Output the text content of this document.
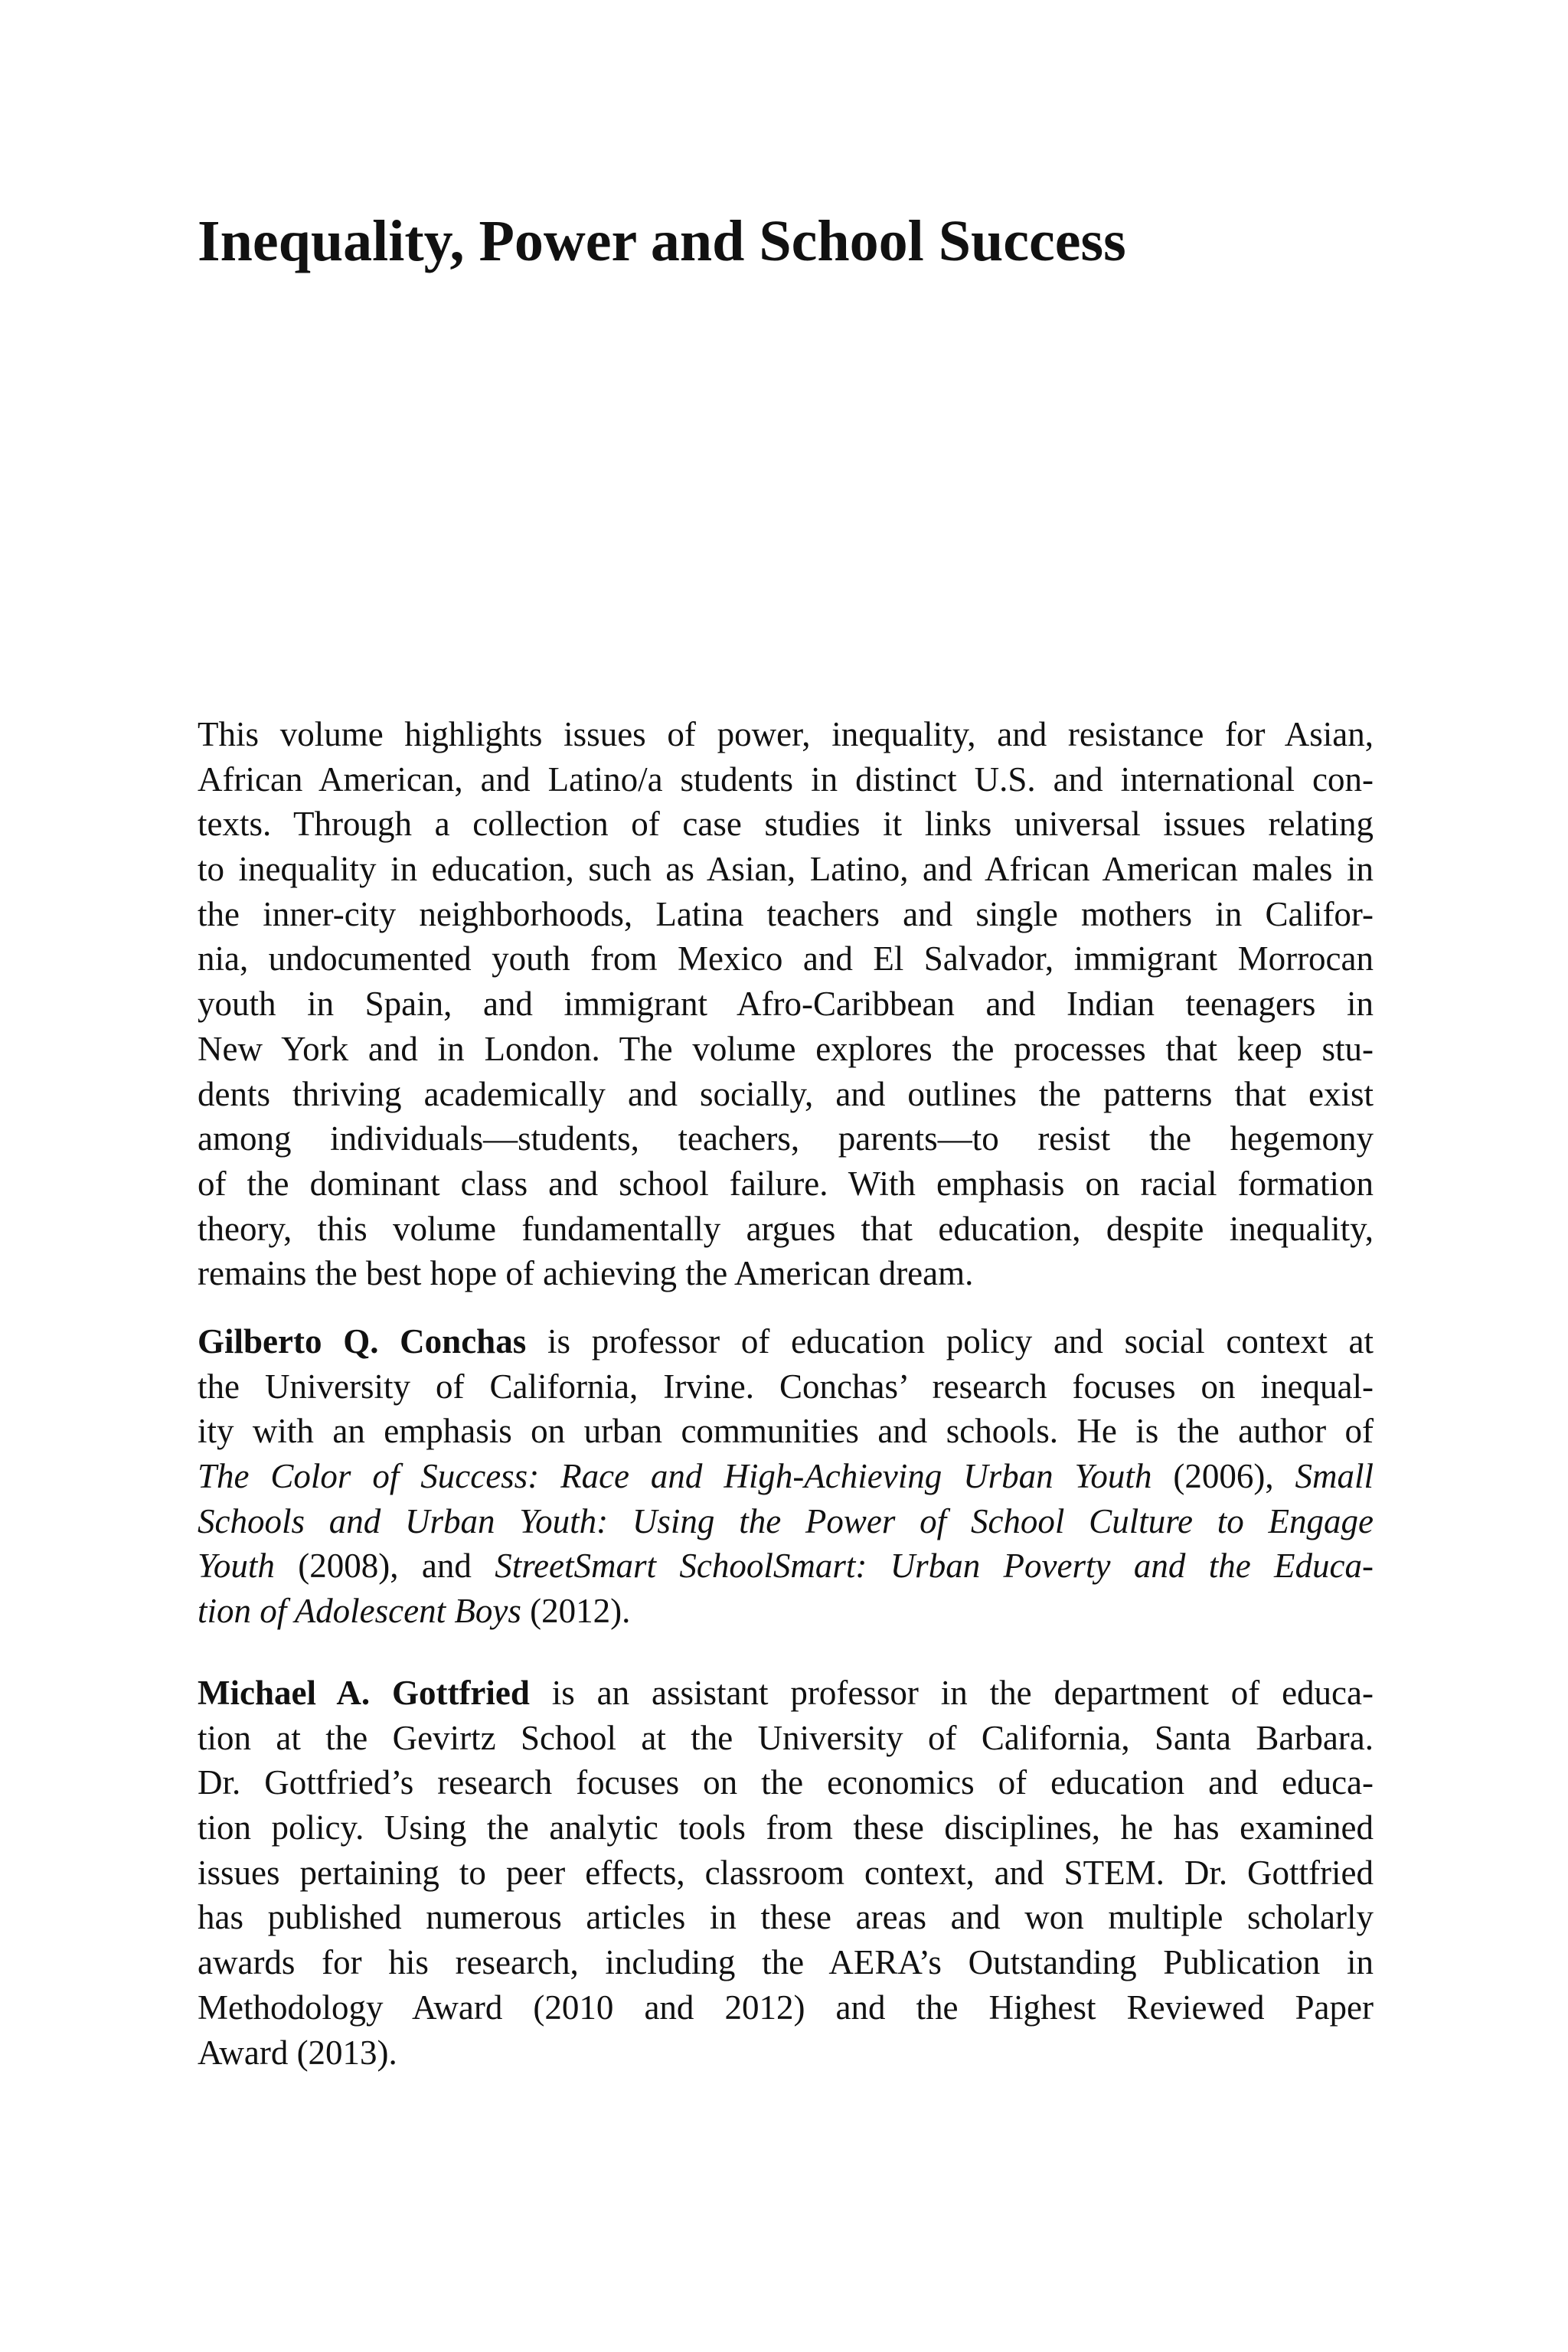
Inequality, Power and School Success
This volume highlights issues of power, inequality, and resistance for Asian,
African American, and Latino/a students in distinct U.S. and international con-
texts. Through a collection of case studies it links universal issues relating
to inequality in education, such as Asian, Latino, and African American males in
the inner-city neighborhoods, Latina teachers and single mothers in Califor-
nia, undocumented youth from Mexico and El Salvador, immigrant Morrocan
youth in Spain, and immigrant Afro-Caribbean and Indian teenagers in
New York and in London. The volume explores the processes that keep stu-
dents thriving academically and socially, and outlines the patterns that exist
among individuals—students, teachers, parents—to resist the hegemony
of the dominant class and school failure. With emphasis on racial formation
theory, this volume fundamentally argues that education, despite inequality,
remains the best hope of achieving the American dream.
Gilberto Q. Conchas is professor of education policy and social context at
the University of California, Irvine. Conchas’ research focuses on inequal-
ity with an emphasis on urban communities and schools. He is the author of
The Color of Success: Race and High-Achieving Urban Youth (2006), Small
Schools and Urban Youth: Using the Power of School Culture to Engage
Youth (2008), and StreetSmart SchoolSmart: Urban Poverty and the Educa-
tion of Adolescent Boys (2012).
Michael A. Gottfried is an assistant professor in the department of educa-
tion at the Gevirtz School at the University of California, Santa Barbara.
Dr. Gottfried’s research focuses on the economics of education and educa-
tion policy. Using the analytic tools from these disciplines, he has examined
issues pertaining to peer effects, classroom context, and STEM. Dr. Gottfried
has published numerous articles in these areas and won multiple scholarly
awards for his research, including the AERA’s Outstanding Publication in
Methodology Award (2010 and 2012) and the Highest Reviewed Paper
Award (2013).
